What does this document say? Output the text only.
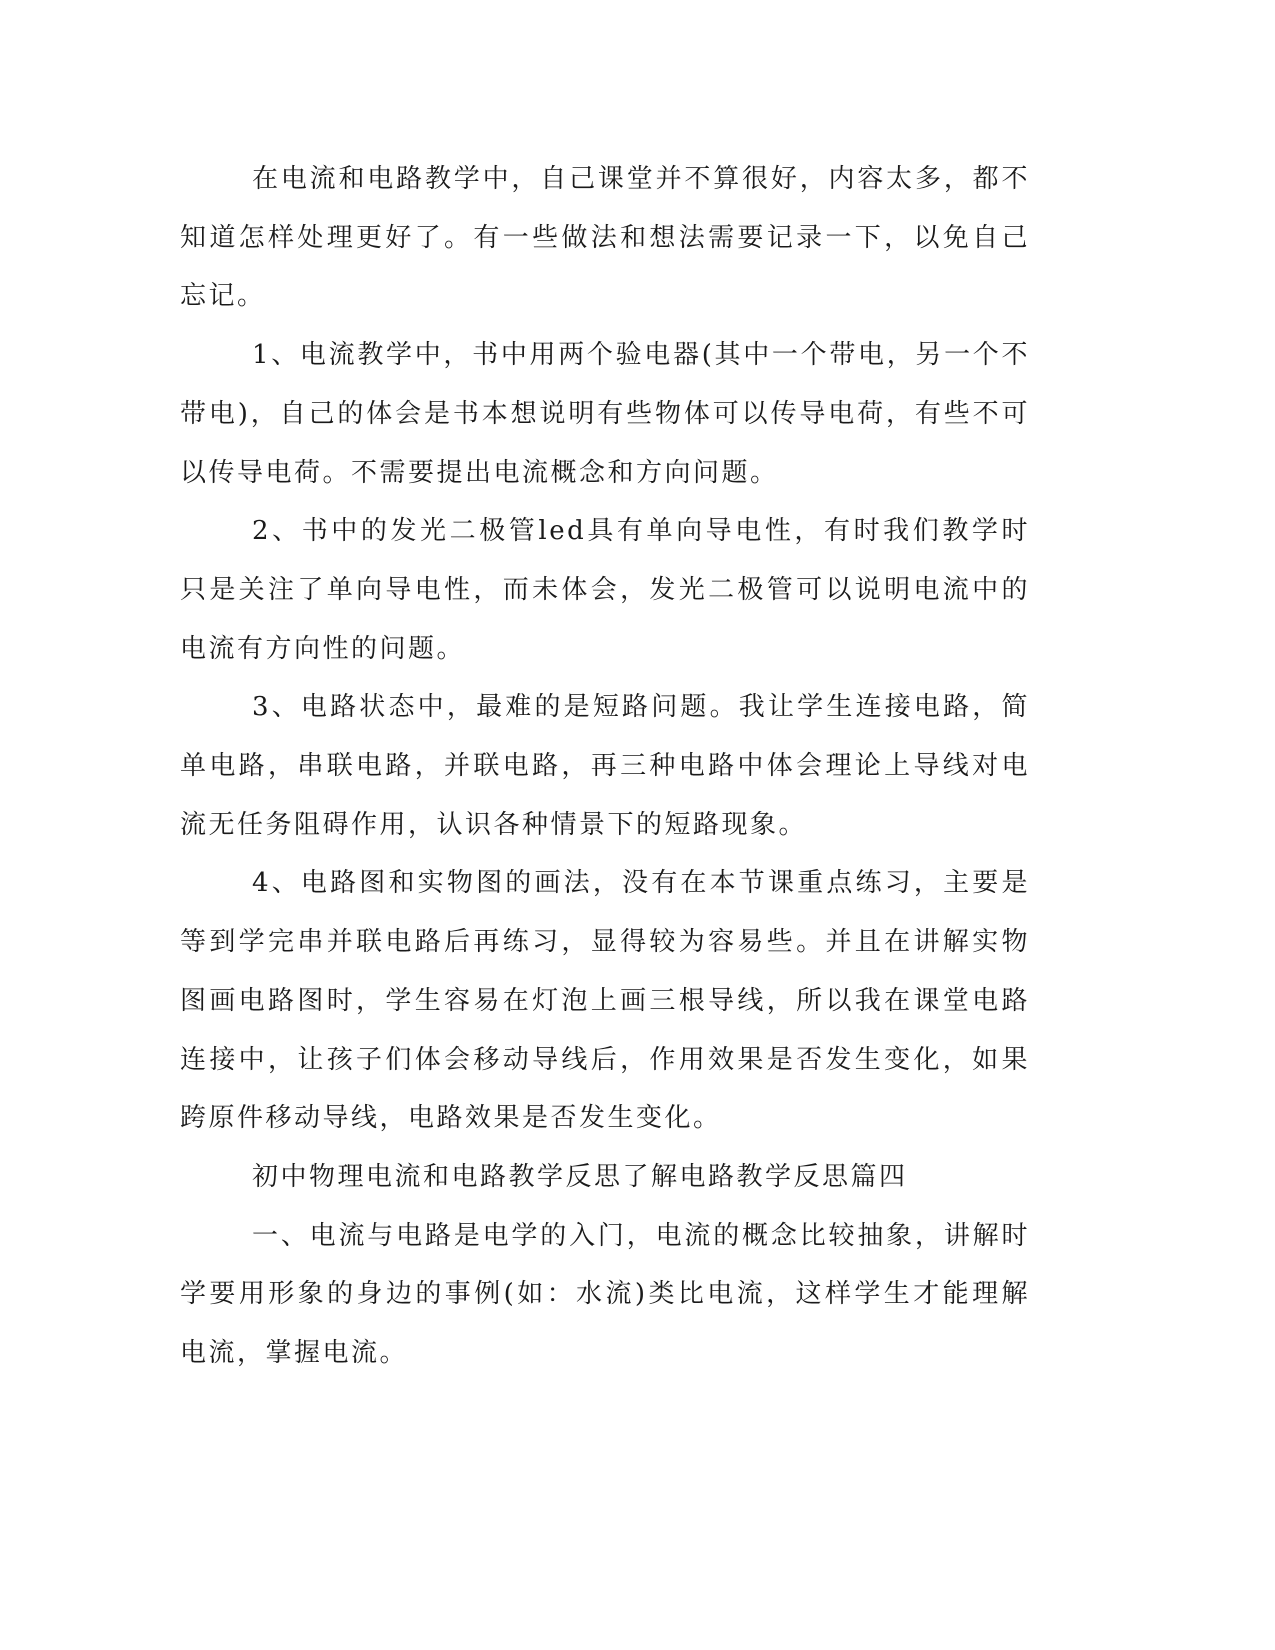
在电流和电路教学中，自己课堂并不算很好，内容太多，都不知道怎样处理更好了。有一些做法和想法需要记录一下，以免自己忘记。

1、电流教学中，书中用两个验电器(其中一个带电，另一个不带电)，自己的体会是书本想说明有些物体可以传导电荷，有些不可以传导电荷。不需要提出电流概念和方向问题。

2、书中的发光二极管led具有单向导电性，有时我们教学时只是关注了单向导电性，而未体会，发光二极管可以说明电流中的电流有方向性的问题。

3、电路状态中，最难的是短路问题。我让学生连接电路，简单电路，串联电路，并联电路，再三种电路中体会理论上导线对电流无任务阻碍作用，认识各种情景下的短路现象。

4、电路图和实物图的画法，没有在本节课重点练习，主要是等到学完串并联电路后再练习，显得较为容易些。并且在讲解实物图画电路图时，学生容易在灯泡上画三根导线，所以我在课堂电路连接中，让孩子们体会移动导线后，作用效果是否发生变化，如果跨原件移动导线，电路效果是否发生变化。

初中物理电流和电路教学反思了解电路教学反思篇四

一、电流与电路是电学的入门，电流的概念比较抽象，讲解时学要用形象的身边的事例(如：水流)类比电流，这样学生才能理解电流，掌握电流。
